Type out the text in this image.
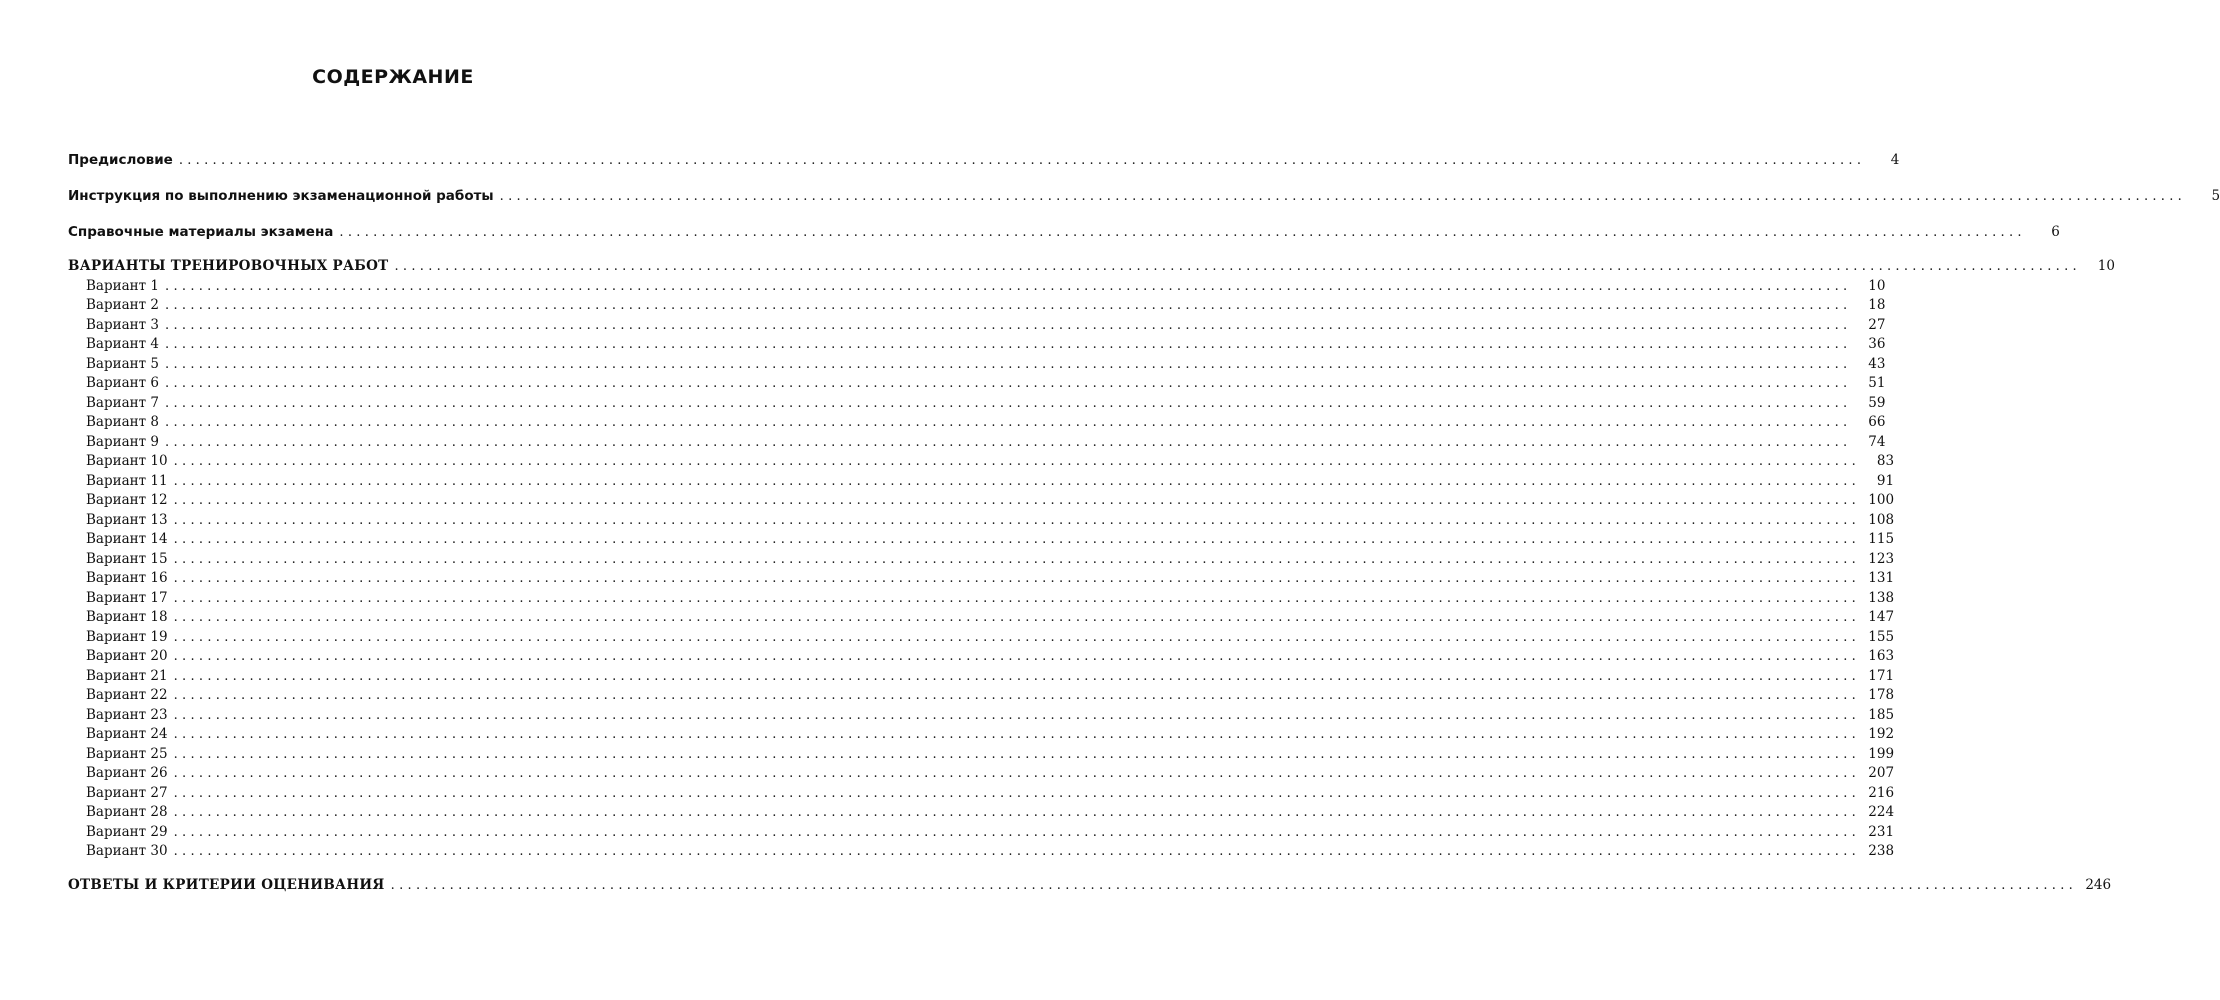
СОДЕРЖАНИЕ
Предисловие ........................................................................................................................................................................................................	4
Инструкция по выполнению экзаменационной работы ........................................................................................................................................................................................................	5
Справочные материалы экзамена ........................................................................................................................................................................................................	6
ВАРИАНТЫ ТРЕНИРОВОЧНЫХ РАБОТ ........................................................................................................................................................................................................	10
Вариант 1 ........................................................................................................................................................................................................	10
Вариант 2 ........................................................................................................................................................................................................	18
Вариант 3 ........................................................................................................................................................................................................	27
Вариант 4 ........................................................................................................................................................................................................	36
Вариант 5 ........................................................................................................................................................................................................	43
Вариант 6 ........................................................................................................................................................................................................	51
Вариант 7 ........................................................................................................................................................................................................	59
Вариант 8 ........................................................................................................................................................................................................	66
Вариант 9 ........................................................................................................................................................................................................	74
Вариант 10 ........................................................................................................................................................................................................	83
Вариант 11 ........................................................................................................................................................................................................	91
Вариант 12 ........................................................................................................................................................................................................ 100
Вариант 13 ........................................................................................................................................................................................................ 108
Вариант 14 ........................................................................................................................................................................................................ 115
Вариант 15 ........................................................................................................................................................................................................ 123
Вариант 16 ........................................................................................................................................................................................................ 131
Вариант 17 ........................................................................................................................................................................................................ 138
Вариант 18 ........................................................................................................................................................................................................ 147
Вариант 19 ........................................................................................................................................................................................................ 155
Вариант 20 ........................................................................................................................................................................................................ 163
Вариант 21 ........................................................................................................................................................................................................ 171
Вариант 22 ........................................................................................................................................................................................................ 178
Вариант 23 ........................................................................................................................................................................................................ 185
Вариант 24 ........................................................................................................................................................................................................ 192
Вариант 25 ........................................................................................................................................................................................................ 199
Вариант 26 ........................................................................................................................................................................................................ 207
Вариант 27 ........................................................................................................................................................................................................ 216
Вариант 28 ........................................................................................................................................................................................................ 224
Вариант 29 ........................................................................................................................................................................................................ 231
Вариант 30 ........................................................................................................................................................................................................ 238
ОТВЕТЫ И КРИТЕРИИ ОЦЕНИВАНИЯ ........................................................................................................................................................................................................ 246
